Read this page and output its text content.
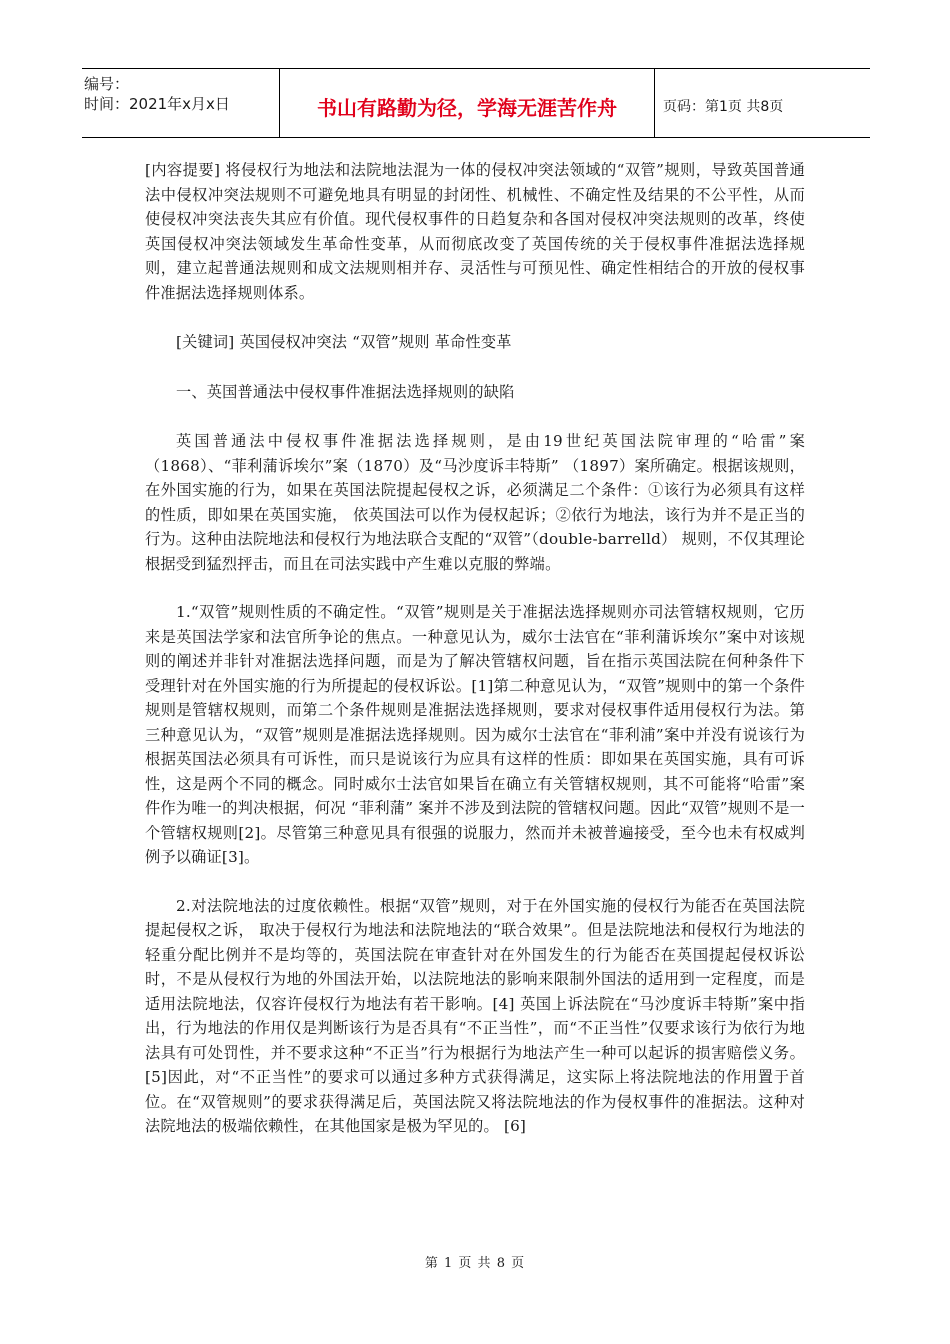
编号：
时间：2021年x月x日	书山有路勤为径，学海无涯苦作舟	页码：第1页 共8页

[内容提要] 将侵权行为地法和法院地法混为一体的侵权冲突法领域的“双管”规则，导致英国普通法中侵权冲突法规则不可避免地具有明显的封闭性、机械性、不确定性及结果的不公平性，从而使侵权冲突法丧失其应有价值。现代侵权事件的日趋复杂和各国对侵权冲突法规则的改革，终使英国侵权冲突法领域发生革命性变革，从而彻底改变了英国传统的关于侵权事件准据法选择规则，建立起普通法规则和成文法规则相并存、灵活性与可预见性、确定性相结合的开放的侵权事件准据法选择规则体系。

[关键词] 英国侵权冲突法 “双管”规则 革命性变革

一、英国普通法中侵权事件准据法选择规则的缺陷

英国普通法中侵权事件准据法选择规则，是由19世纪英国法院审理的“哈雷”案（1868）、“菲利蒲诉埃尔”案（1870）及“马沙度诉丰特斯” （1897）案所确定。根据该规则，在外国实施的行为，如果在英国法院提起侵权之诉，必须满足二个条件：①该行为必须具有这样的性质，即如果在英国实施， 依英国法可以作为侵权起诉；②依行为地法，该行为并不是正当的行为。这种由法院地法和侵权行为地法联合支配的“双管”（double-barrelld） 规则，不仅其理论根据受到猛烈抨击，而且在司法实践中产生难以克服的弊端。

1.“双管”规则性质的不确定性。“双管”规则是关于准据法选择规则亦司法管辖权规则，它历来是英国法学家和法官所争论的焦点。一种意见认为，威尔士法官在“菲利蒲诉埃尔”案中对该规则的阐述并非针对准据法选择问题，而是为了解决管辖权问题，旨在指示英国法院在何种条件下受理针对在外国实施的行为所提起的侵权诉讼。[1]第二种意见认为，“双管”规则中的第一个条件规则是管辖权规则，而第二个条件规则是准据法选择规则，要求对侵权事件适用侵权行为法。第三种意见认为，“双管”规则是准据法选择规则。因为威尔士法官在“菲利浦”案中并没有说该行为根据英国法必须具有可诉性，而只是说该行为应具有这样的性质：即如果在英国实施，具有可诉性，这是两个不同的概念。同时威尔士法官如果旨在确立有关管辖权规则，其不可能将“哈雷”案件作为唯一的判决根据，何况 “菲利蒲” 案并不涉及到法院的管辖权问题。因此“双管”规则不是一个管辖权规则[2]。尽管第三种意见具有很强的说服力，然而并未被普遍接受，至今也未有权威判例予以确证[3]。

2.对法院地法的过度依赖性。根据“双管”规则，对于在外国实施的侵权行为能否在英国法院提起侵权之诉， 取决于侵权行为地法和法院地法的“联合效果”。但是法院地法和侵权行为地法的轻重分配比例并不是均等的，英国法院在审查针对在外国发生的行为能否在英国提起侵权诉讼时，不是从侵权行为地的外国法开始，以法院地法的影响来限制外国法的适用到一定程度，而是适用法院地法，仅容许侵权行为地法有若干影响。[4] 英国上诉法院在“马沙度诉丰特斯”案中指出，行为地法的作用仅是判断该行为是否具有“不正当性”，而“不正当性”仅要求该行为依行为地法具有可处罚性，并不要求这种“不正当”行为根据行为地法产生一种可以起诉的损害赔偿义务。[5]因此，对“不正当性”的要求可以通过多种方式获得满足，这实际上将法院地法的作用置于首位。在“双管规则”的要求获得满足后，英国法院又将法院地法的作为侵权事件的准据法。这种对法院地法的极端依赖性，在其他国家是极为罕见的。 [6]

第 1 页 共 8 页
